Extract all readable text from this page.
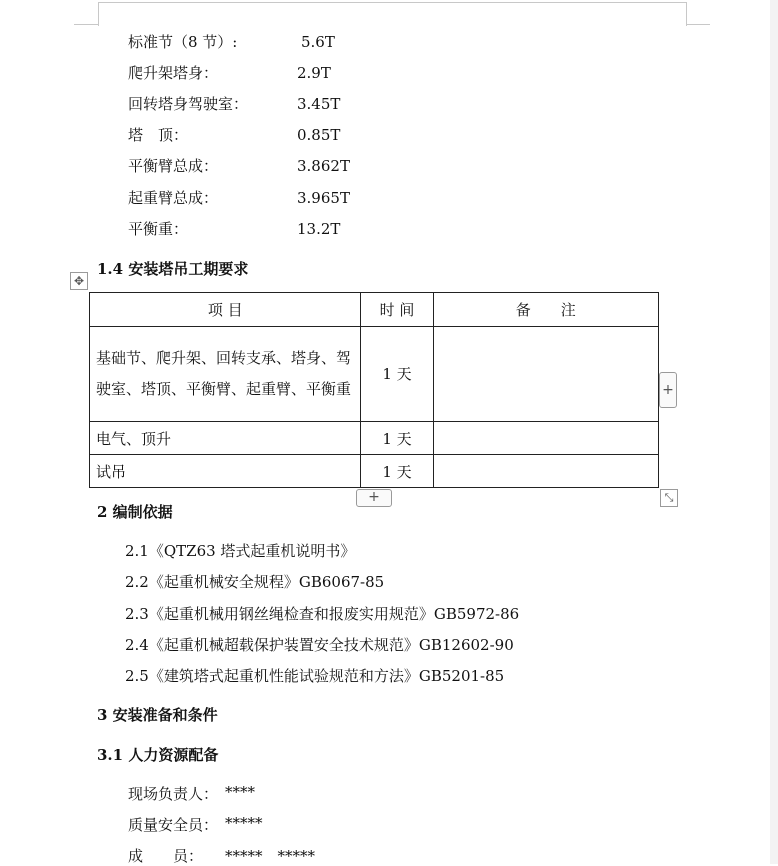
标准节（8 节）:	5.6T
爬升架塔身：	2.9T
回转塔身驾驶室：	3.45T
塔　顶：	0.85T
平衡臂总成：	3.862T
起重臂总成：	3.965T
平衡重：	13.2T
1.4 安装塔吊工期要求
✥
项 目	时 间	备　　注
基础节、爬升架、回转支承、塔身、驾驶室、塔顶、平衡臂、起重臂、平衡重	1 天	
电气、顶升	1 天	
试吊	1 天	
+
+	⤡
2 编制依据
2.1《QTZ63 塔式起重机说明书》
2.2《起重机械安全规程》GB6067-85
2.3《起重机械用钢丝绳检查和报废实用规范》GB5972-86
2.4《起重机械超载保护装置安全技术规范》GB12602-90
2.5《建筑塔式起重机性能试验规范和方法》GB5201-85
3 安装准备和条件
3.1 人力资源配备
现场负责人： ****
质量安全员： *****
成　　员： *****　*****
